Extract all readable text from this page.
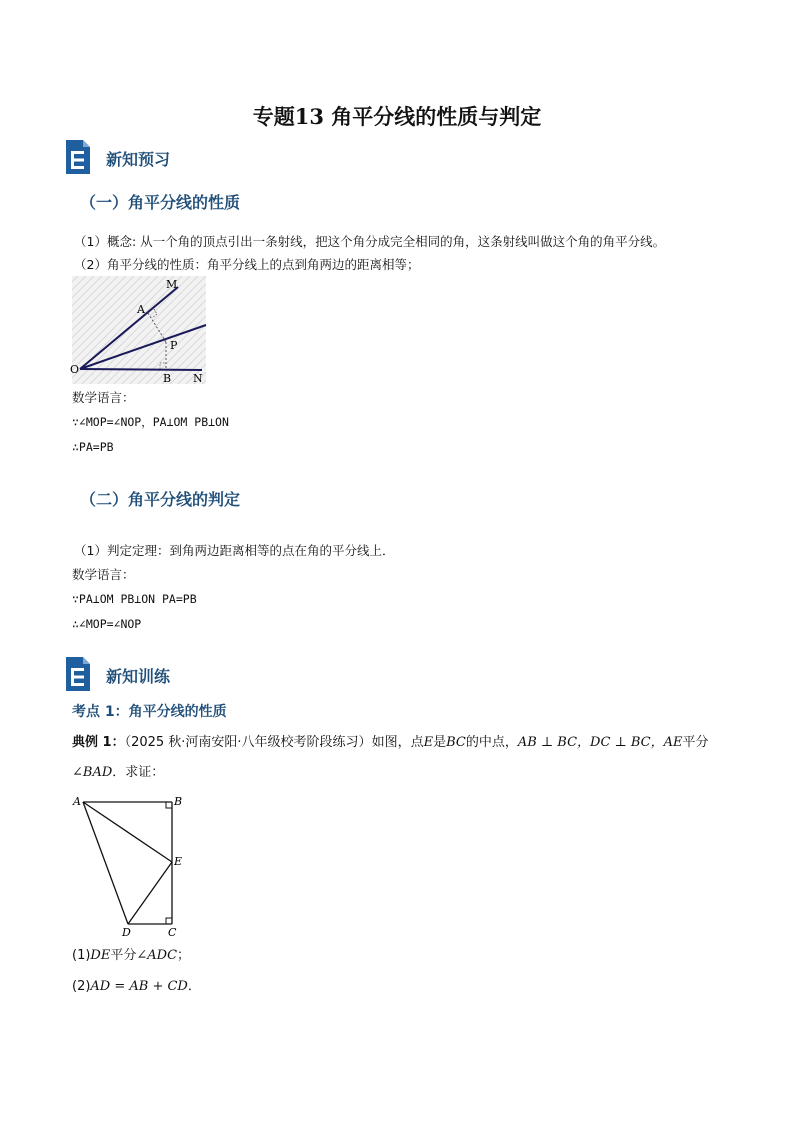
专题13 角平分线的性质与判定
新知预习
（一）角平分线的性质
（1）概念: 从一个角的顶点引出一条射线，把这个角分成完全相同的角，这条射线叫做这个角的角平分线。
（2）角平分线的性质：角平分线上的点到角两边的距离相等；
M
A
P
O
B N
数学语言：
∵∠MOP=∠NOP，PA⊥OM PB⊥ON
∴PA=PB
（二）角平分线的判定
（1）判定定理：到角两边距离相等的点在角的平分线上．
数学语言：
∵PA⊥OM PB⊥ON PA=PB
∴∠MOP=∠NOP
新知训练
考点 1：角平分线的性质
典例 1：（2025 秋·河南安阳·八年级校考阶段练习）如图，点E是BC的中点，AB ⊥ BC，DC ⊥ BC，AE平分
∠BAD．求证：
A	B
E
D	C
(1)DE平分∠ADC；
(2)AD = AB + CD．
